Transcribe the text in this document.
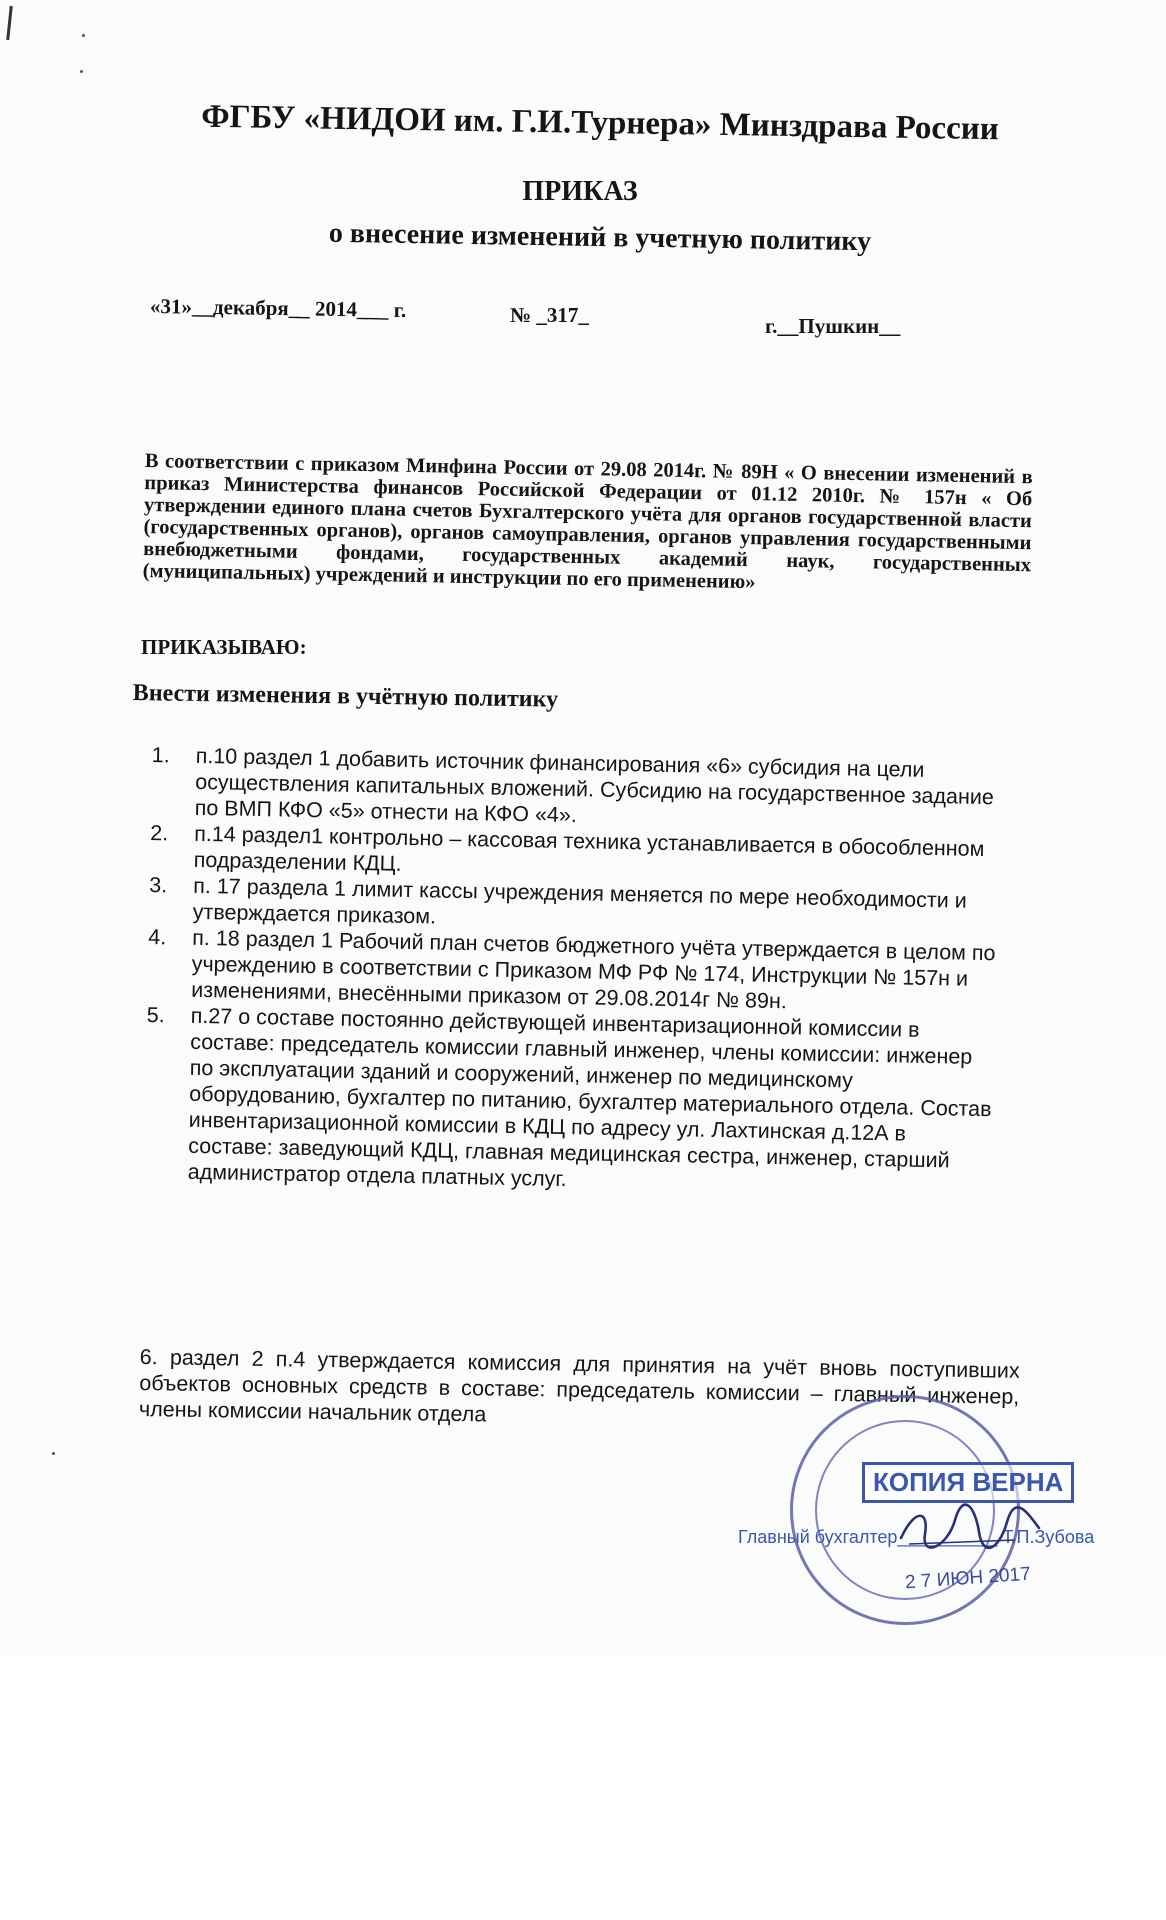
ФГБУ «НИДОИ им. Г.И.Турнера» Минздрава России
ПРИКАЗ
о внесение изменений в учетную политику
«31»__декабря__ 2014___ г.	№ _317_	г.__Пушкин__
В соответствии с приказом Минфина России от 29.08 2014г. № 89Н « О внесении изменений в приказ Министерства финансов Российской Федерации от 01.12 2010г. № 157н « Об утверждении единого плана счетов Бухгалтерского учёта для органов государственной власти (государственных органов), органов самоуправления, органов управления государственными внебюджетными фондами, государственных академий наук, государственных (муниципальных) учреждений и инструкции по его применению»
ПРИКАЗЫВАЮ:
Внести изменения в учётную политику
1.	п.10 раздел 1 добавить источник финансирования «6» субсидия на цели осуществления капитальных вложений. Субсидию на государственное задание по ВМП КФО «5» отнести на КФО «4».
2.	п.14 раздел1 контрольно – кассовая техника устанавливается в обособленном подразделении КДЦ.
3.	п. 17 раздела 1 лимит кассы учреждения меняется по мере необходимости и утверждается приказом.
4.	п. 18 раздел 1 Рабочий план счетов бюджетного учёта утверждается в целом по учреждению в соответствии с Приказом МФ РФ № 174, Инструкции № 157н и изменениями, внесёнными приказом от 29.08.2014г № 89н.
5.	п.27 о составе постоянно действующей инвентаризационной комиссии в составе: председатель комиссии главный инженер, члены комиссии: инженер по эксплуатации зданий и сооружений, инженер по медицинскому оборудованию, бухгалтер по питанию, бухгалтер материального отдела. Состав инвентаризационной комиссии в КДЦ по адресу ул. Лахтинская д.12А в составе: заведующий КДЦ, главная медицинская сестра, инженер, старший администратор отдела платных услуг.
6. раздел 2 п.4 утверждается комиссия для принятия на учёт вновь поступивших объектов основных средств в составе: председатель комиссии – главный инженер, члены комиссии начальник отдела
КОПИЯ ВЕРНА
Главный бухгалтер__________ Т.П.Зубова
2 7 ИЮН 2017
